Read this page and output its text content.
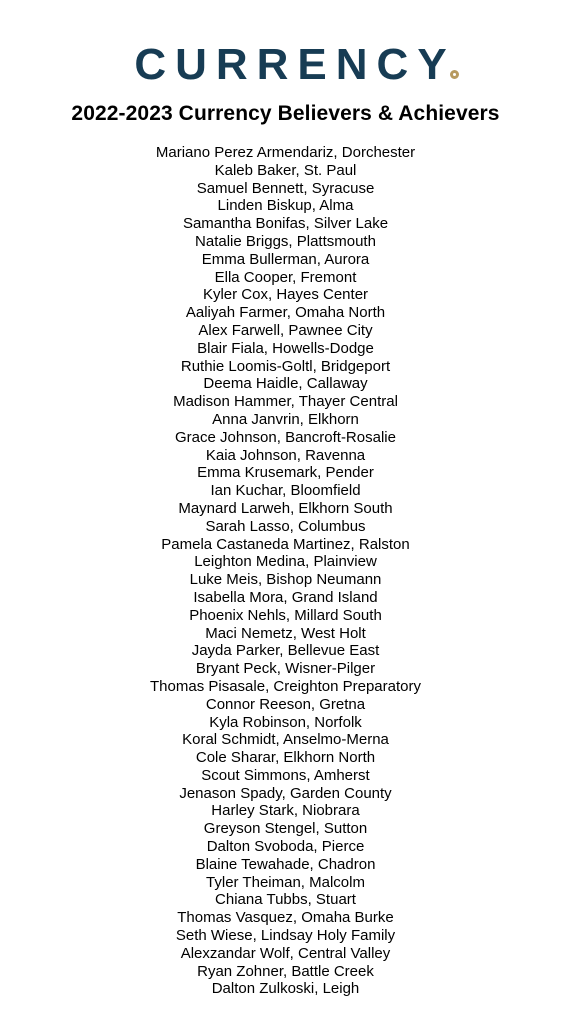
CURRENCY
2022-2023 Currency Believers & Achievers
Mariano Perez Armendariz, Dorchester
Kaleb Baker, St. Paul
Samuel Bennett, Syracuse
Linden Biskup, Alma
Samantha Bonifas, Silver Lake
Natalie Briggs, Plattsmouth
Emma Bullerman, Aurora
Ella Cooper, Fremont
Kyler Cox, Hayes Center
Aaliyah Farmer, Omaha North
Alex Farwell, Pawnee City
Blair Fiala, Howells-Dodge
Ruthie Loomis-Goltl, Bridgeport
Deema Haidle, Callaway
Madison Hammer, Thayer Central
Anna Janvrin, Elkhorn
Grace Johnson, Bancroft-Rosalie
Kaia Johnson, Ravenna
Emma Krusemark, Pender
Ian Kuchar, Bloomfield
Maynard Larweh, Elkhorn South
Sarah Lasso, Columbus
Pamela Castaneda Martinez, Ralston
Leighton Medina, Plainview
Luke Meis, Bishop Neumann
Isabella Mora, Grand Island
Phoenix Nehls, Millard South
Maci Nemetz, West Holt
Jayda Parker, Bellevue East
Bryant Peck, Wisner-Pilger
Thomas Pisasale, Creighton Preparatory
Connor Reeson, Gretna
Kyla Robinson, Norfolk
Koral Schmidt, Anselmo-Merna
Cole Sharar, Elkhorn North
Scout Simmons, Amherst
Jenason Spady, Garden County
Harley Stark, Niobrara
Greyson Stengel, Sutton
Dalton Svoboda, Pierce
Blaine Tewahade, Chadron
Tyler Theiman, Malcolm
Chiana Tubbs, Stuart
Thomas Vasquez, Omaha Burke
Seth Wiese, Lindsay Holy Family
Alexzandar Wolf, Central Valley
Ryan Zohner, Battle Creek
Dalton Zulkoski, Leigh
